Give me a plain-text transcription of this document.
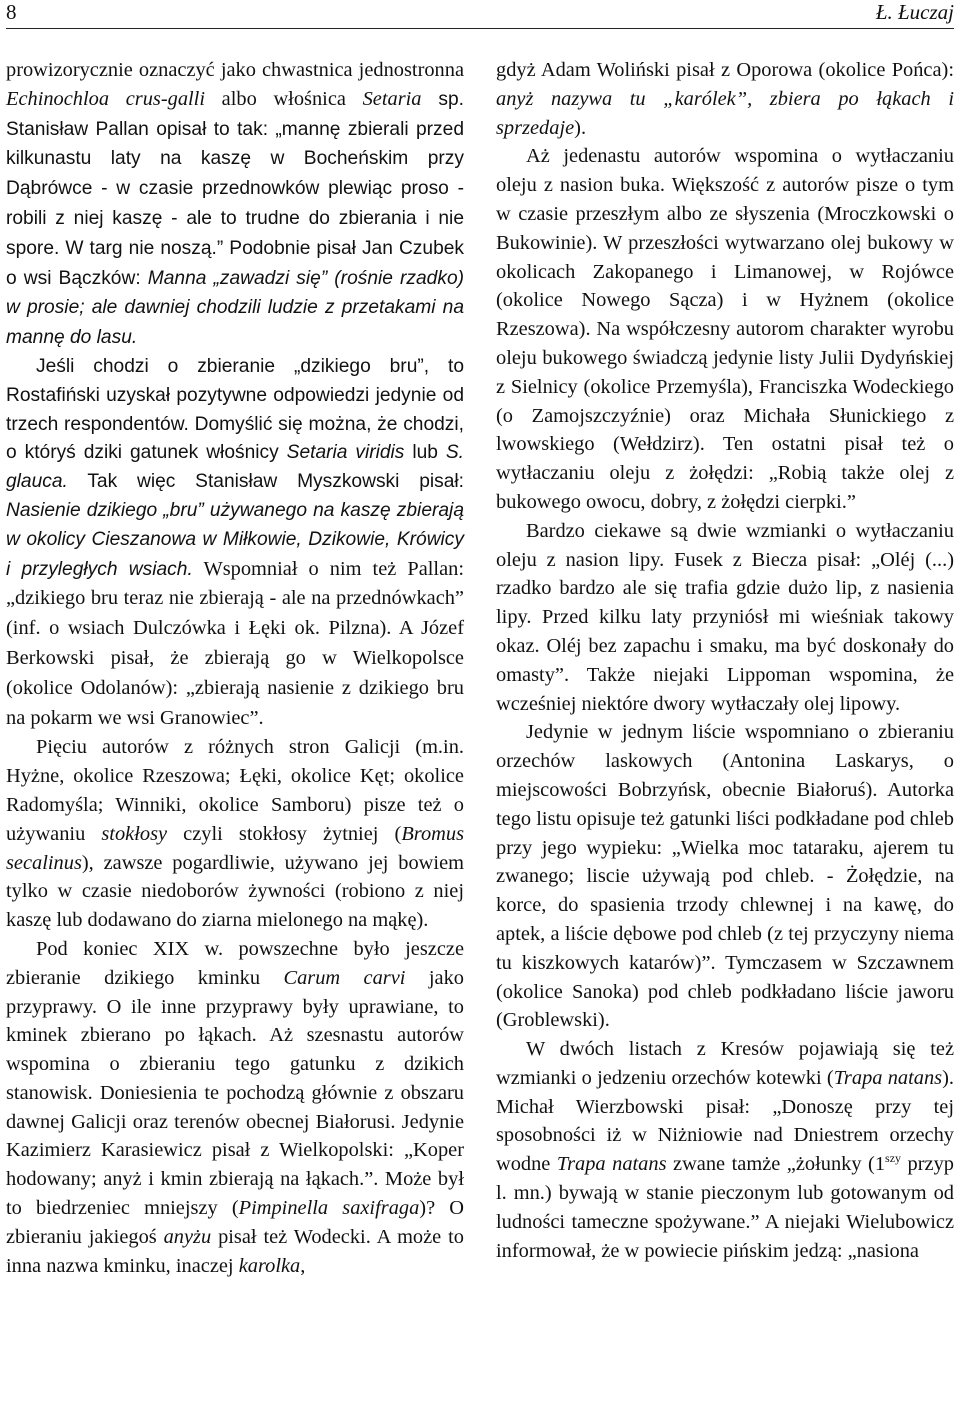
8	Ł. Łuczaj

prowizorycznie oznaczyć jako chwastnica jednostronna Echinochloa crus-galli albo włośnica Setaria sp. Stanisław Pallan opisał to tak: „mannę zbierali przed kilkunastu laty na kaszę w Bocheńskim przy Dąbrówce - w czasie przednowków plewiąc proso - robili z niej kaszę - ale to trudne do zbierania i nie spore. W targ nie noszą.” Podobnie pisał Jan Czubek o wsi Bączków: Manna „zawadzi się” (rośnie rzadko) w prosie; ale dawniej chodzili ludzie z przetakami na mannę do lasu.

Jeśli chodzi o zbieranie „dzikiego bru”, to Rostafiński uzyskał pozytywne odpowiedzi jedynie od trzech respondentów. Domyślić się można, że chodzi, o któryś dziki gatunek włośnicy Setaria viridis lub S. glauca. Tak więc Stanisław Myszkowski pisał: Nasienie dzikiego „bru” używanego na kaszę zbierają w okolicy Cieszanowa w Miłkowie, Dzikowie, Krówicy i przyległych wsiach. Wspomniał o nim też Pallan: „dzikiego bru teraz nie zbierają - ale na przednówkach” (inf. o wsiach Dulczówka i Łęki ok. Pilzna). A Józef Berkowski pisał, że zbierają go w Wielkopolsce (okolice Odolanów): „zbierają nasienie z dzikiego bru na pokarm we wsi Granowiec”.

Pięciu autorów z różnych stron Galicji (m.in. Hyżne, okolice Rzeszowa; Łęki, okolice Kęt; okolice Radomyśla; Winniki, okolice Samboru) pisze też o używaniu stokłosy czyli stokłosy żytniej (Bromus secalinus), zawsze pogardliwie, używano jej bowiem tylko w czasie niedoborów żywności (robiono z niej kaszę lub dodawano do ziarna mielonego na mąkę).

Pod koniec XIX w. powszechne było jeszcze zbieranie dzikiego kminku Carum carvi jako przyprawy. O ile inne przyprawy były uprawiane, to kminek zbierano po łąkach. Aż szesnastu autorów wspomina o zbieraniu tego gatunku z dzikich stanowisk. Doniesienia te pochodzą głównie z obszaru dawnej Galicji oraz terenów obecnej Białorusi. Jedynie Kazimierz Karasiewicz pisał z Wielkopolski: „Koper hodowany; anyż i kmin zbierają na łąkach.”. Może był to biedrzeniec mniejszy (Pimpinella saxifraga)? O zbieraniu jakiegoś anyżu pisał też Wodecki. A może to inna nazwa kminku, inaczej karolka,

gdyż Adam Woliński pisał z Oporowa (okolice Pońca): anyż nazywa tu „karólek”, zbiera po łąkach i sprzedaje).

Aż jedenastu autorów wspomina o wytłaczaniu oleju z nasion buka. Większość z autorów pisze o tym w czasie przeszłym albo ze słyszenia (Mroczkowski o Bukowinie). W przeszłości wytwarzano olej bukowy w okolicach Zakopanego i Limanowej, w Rojówce (okolice Nowego Sącza) i w Hyżnem (okolice Rzeszowa). Na współczesny autorom charakter wyrobu oleju bukowego świadczą jedynie listy Julii Dydyńskiej z Sielnicy (okolice Przemyśla), Franciszka Wodeckiego (o Zamojszczyźnie) oraz Michała Słunickiego z lwowskiego (Wełdzirz). Ten ostatni pisał też o wytłaczaniu oleju z żołędzi: „Robią także olej z bukowego owocu, dobry, z żołędzi cierpki.”

Bardzo ciekawe są dwie wzmianki o wytłaczaniu oleju z nasion lipy. Fusek z Biecza pisał: „Oléj (...) rzadko bardzo ale się trafia gdzie dużo lip, z nasienia lipy. Przed kilku laty przyniósł mi wieśniak takowy okaz. Oléj bez zapachu i smaku, ma być doskonały do omasty”. Także niejaki Lippoman wspomina, że wcześniej niektóre dwory wytłaczały olej lipowy.

Jedynie w jednym liście wspomniano o zbieraniu orzechów laskowych (Antonina Laskarys, o miejscowości Bobrzyńsk, obecnie Białoruś). Autorka tego listu opisuje też gatunki liści podkładane pod chleb przy jego wypieku: „Wielka moc tataraku, ajerem tu zwanego; liscie używają pod chleb. - Żołędzie, na korce, do spasienia trzody chlewnej i na kawę, do aptek, a liście dębowe pod chleb (z tej przyczyny niema tu kiszkowych katarów)”. Tymczasem w Szczawnem (okolice Sanoka) pod chleb podkładano liście jaworu (Groblewski).

W dwóch listach z Kresów pojawiają się też wzmianki o jedzeniu orzechów kotewki (Trapa natans). Michał Wierzbowski pisał: „Donoszę przy tej sposobności iż w Niżniowie nad Dniestrem orzechy wodne Trapa natans zwane tamże „żołunky ($1^{szy}$ przyp l. mn.) bywają w stanie pieczonym lub gotowanym od ludności tameczne spożywane.” A niejaki Wielubowicz informował, że w powiecie pińskim jedzą: „nasiona
